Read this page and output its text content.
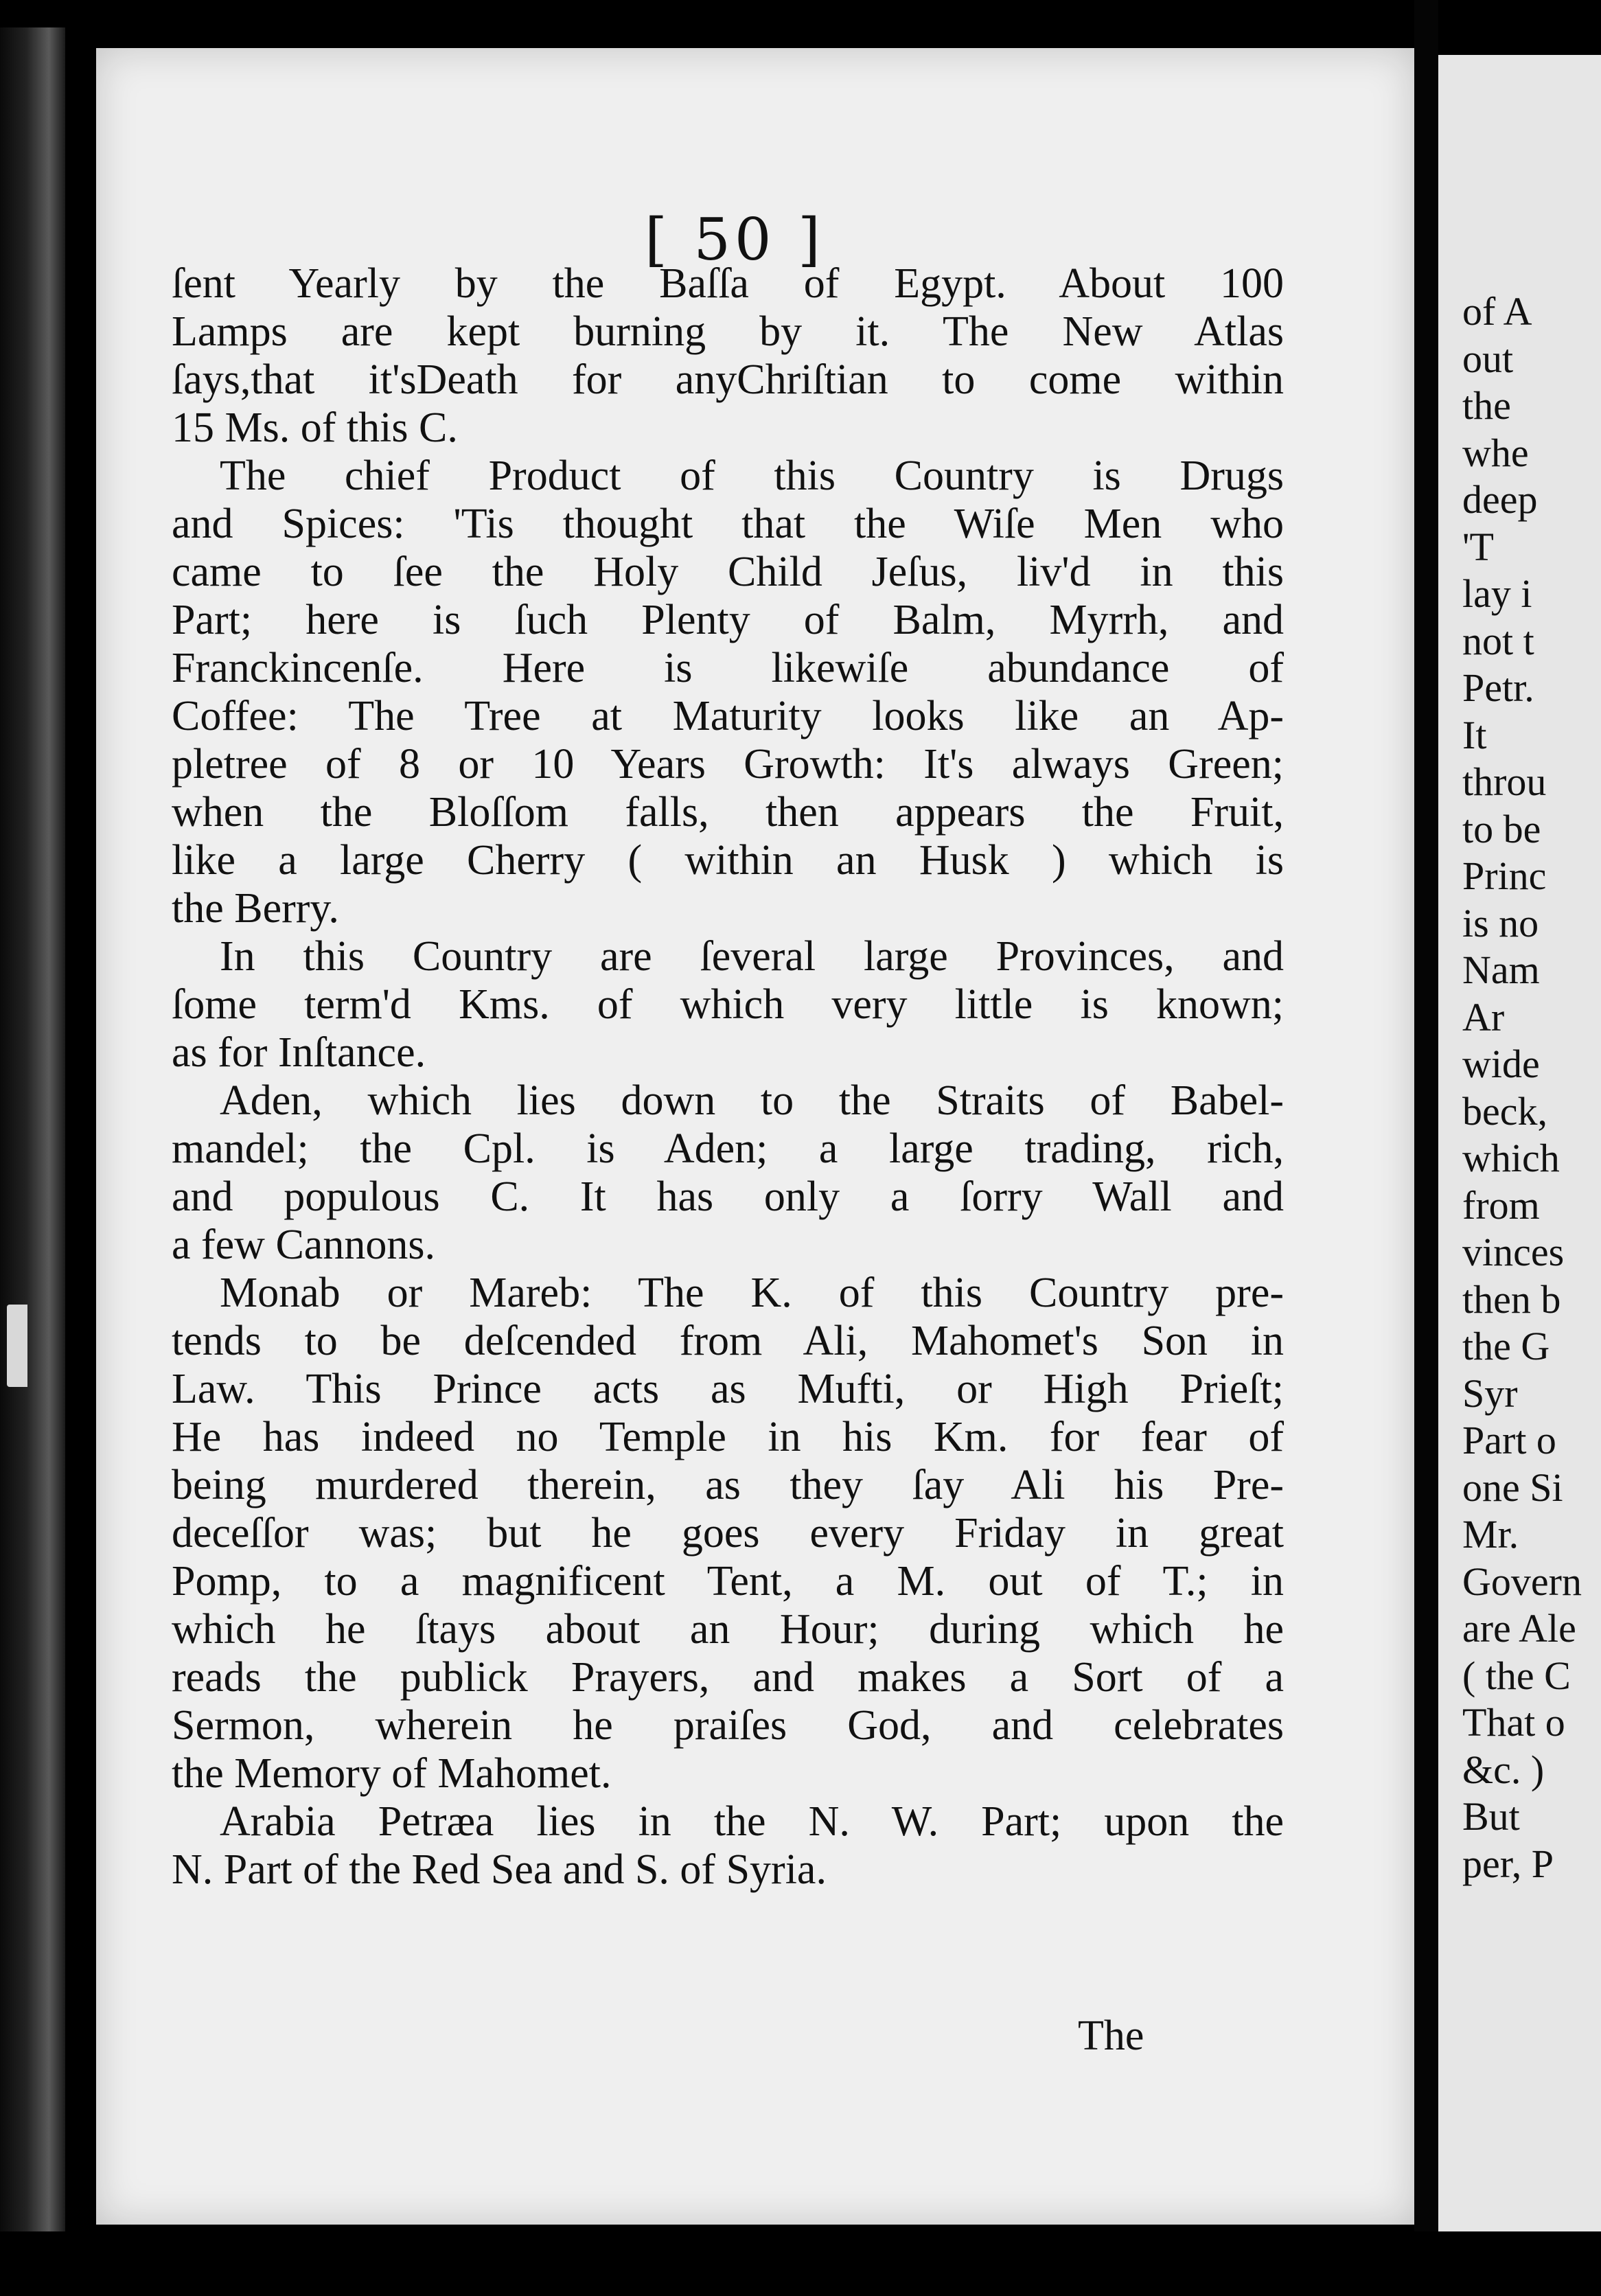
[ 50 ]
ſent Yearly by the Baſſa of Egypt. About 100
Lamps are kept burning by it. The New Atlas
ſays,that it'sDeath for anyChriſtian to come within
15 Ms. of this C.
The chief Product of this Country is Drugs
and Spices: 'Tis thought that the Wiſe Men who
came to ſee the Holy Child Jeſus, liv'd in this
Part; here is ſuch Plenty of Balm, Myrrh, and
Franckincenſe. Here is likewiſe abundance of
Coffee: The Tree at Maturity looks like an Ap-
pletree of 8 or 10 Years Growth: It's always Green;
when the Bloſſom falls, then appears the Fruit,
like a large Cherry ( within an Husk ) which is
the Berry.
In this Country are ſeveral large Provinces, and
ſome term'd Kms. of which very little is known;
as for Inſtance.
Aden, which lies down to the Straits of Babel-
mandel; the Cpl. is Aden; a large trading, rich,
and populous C. It has only a ſorry Wall and
a few Cannons.
Monab or Mareb: The K. of this Country pre-
tends to be deſcended from Ali, Mahomet's Son in
Law. This Prince acts as Mufti, or High Prieſt;
He has indeed no Temple in his Km. for fear of
being murdered therein, as they ſay Ali his Pre-
deceſſor was; but he goes every Friday in great
Pomp, to a magnificent Tent, a M. out of T.; in
which he ſtays about an Hour; during which he
reads the publick Prayers, and makes a Sort of a
Sermon, wherein he praiſes God, and celebrates
the Memory of Mahomet.
Arabia Petræa lies in the N. W. Part; upon the
N. Part of the Red Sea and S. of Syria.
The
of A
out
the
whe
deep
'T
lay i
not t
Petr.
It
throu
to be
Princ
is no
Nam
Ar
wide
beck,
which
from
vinces
then b
the G
Syr
Part o
one Si
Mr.
Govern
are Ale
( the C
That o
&c. )
But
per, P
